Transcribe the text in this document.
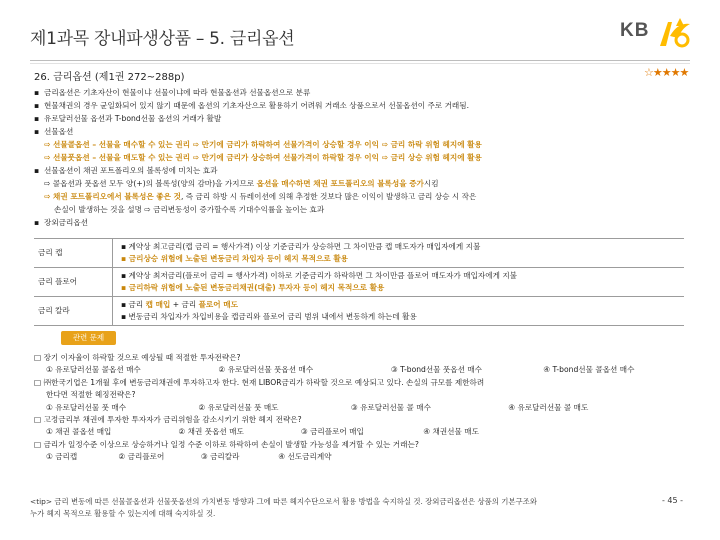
제1과목 장내파생상품 – 5. 금리옵션	KB
26. 금리옵션 (제1권 272~288p)	☆★★★★
▪ 금리옵션은 기초자산이 현물이냐 선물이냐에 따라 현물옵션과 선물옵션으로 분류
▪ 현물채권의 경우 균일화되어 있지 않기 때문에 옵션의 기초자산으로 활용하기 어려워 거래소 상품으로서 선물옵션이 주로 거래됨.
▪ 유로달러선물 옵션과 T-bond선물 옵션의 거래가 활발
▪ 선물옵션
⇨ 선물콜옵션 – 선물을 매수할 수 있는 권리 ⇨ 만기에 금리가 하락하여 선물가격이 상승할 경우 이익 ⇨ 금리 하락 위험 헤지에 활용
⇨ 선물풋옵션 – 선물을 매도할 수 있는 권리 ⇨ 만기에 금리가 상승하여 선물가격이 하락할 경우 이익 ⇨ 금리 상승 위험 헤지에 활용
▪ 선물옵션이 채권 포트폴리오의 볼록성에 미치는 효과
⇨ 콜옵션과 풋옵션 모두 양(+)의 볼록성(양의 감마)을 가지므로 옵션을 매수하면 채권 포트폴리오의 볼록성을 증가시킴
⇨ 채권 포트폴리오에서 볼록성은 좋은 것, 즉 금리 하방 시 듀레이션에 의해 추정한 것보다 많은 이익이 발생하고 금리 상승 시 작은
손실이 발생하는 것을 설명 ⇨ 금리변동성이 증가할수록 기대수익률을 높이는 효과
▪ 장외금리옵션
금리 캡	▪ 계약상 최고금리(캡 금리 = 행사가격) 이상 기준금리가 상승하면 그 차이만큼 캡 매도자가 매입자에게 지불
▪ 금리상승 위험에 노출된 변동금리 차입자 등이 헤지 목적으로 활용

금리 플로어	▪ 계약상 최저금리(플로어 금리 = 행사가격) 이하로 기준금리가 하락하면 그 차이만큼 플로어 매도자가 매입자에게 지불
▪ 금리하락 위험에 노출된 변동금리채권(대출) 투자자 등이 헤지 목적으로 활용

금리 칼라	▪ 금리 캡 매입 + 금리 플로어 매도
▪ 변동금리 차입자가 차입비용을 캡금리와 플로어 금리 범위 내에서 변동하게 하는데 활용
관련 문제
□ 장기 이자율이 하락할 것으로 예상될 때 적절한 투자전략은?
① 유로달러선물 콜옵션 매수	② 유로달러선물 풋옵션 매수	③ T-bond선물 풋옵션 매수	④ T-bond선물 콜옵션 매수
□ ㈜한국기업은 1개월 후에 변동금리채권에 투자하고자 한다. 현재 LIBOR금리가 하락할 것으로 예상되고 있다. 손실의 규모를 제한하려
한다면 적절한 헤징전략은?
① 유로달러선물 풋 매수	② 유로달러선물 풋 매도	③ 유로달러선물 콜 매수	④ 유로달러선물 콜 매도
□ 고정금리부 채권에 투자한 투자자가 금리위험을 감소시키기 위한 헤지 전략은?
① 채권 콜옵션 매입	② 채권 풋옵션 매도	③ 금리플로어 매입	④ 채권선물 매도
□ 금리가 일정수준 이상으로 상승하거나 일정 수준 이하로 하락하여 손실이 발생할 가능성을 제거할 수 있는 거래는?
① 금리캡	② 금리플로어	③ 금리칼라	④ 선도금리계약
<tip> 금리 변동에 따른 선물콜옵션과 선물풋옵션의 가치변동 방향과 그에 따른 헤지수단으로서 활용 방법을 숙지하실 것. 장외금리옵션은 상품의 기본구조와
누가 헤지 목적으로 활용할 수 있는지에 대해 숙지하실 것.
- 45 -
